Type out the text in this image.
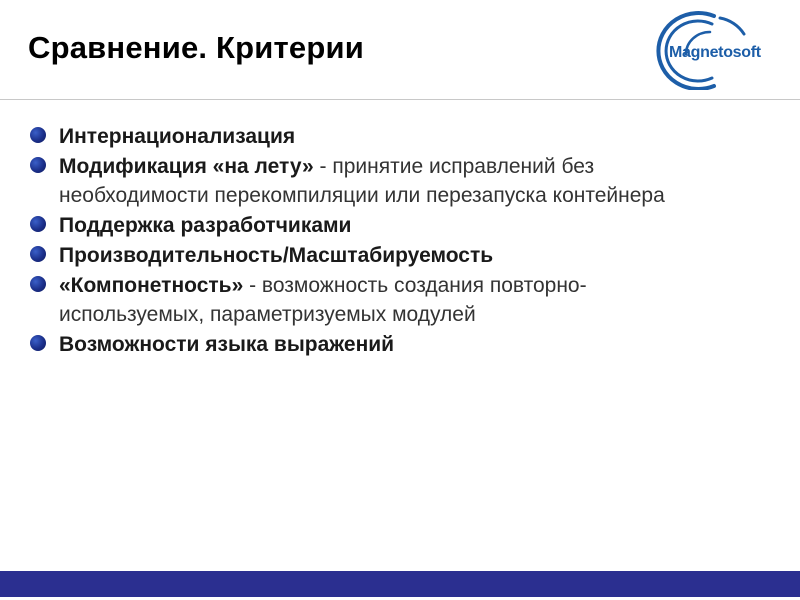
Сравнение. Критерии	Magnetosoft
Интернационализация
Модификация «на лету» - принятие исправлений без необходимости перекомпиляции или перезапуска контейнера
Поддержка разработчиками
Производительность/Масштабируемость
«Компонетность» - возможность создания повторно-используемых, параметризуемых модулей
Возможности языка выражений
